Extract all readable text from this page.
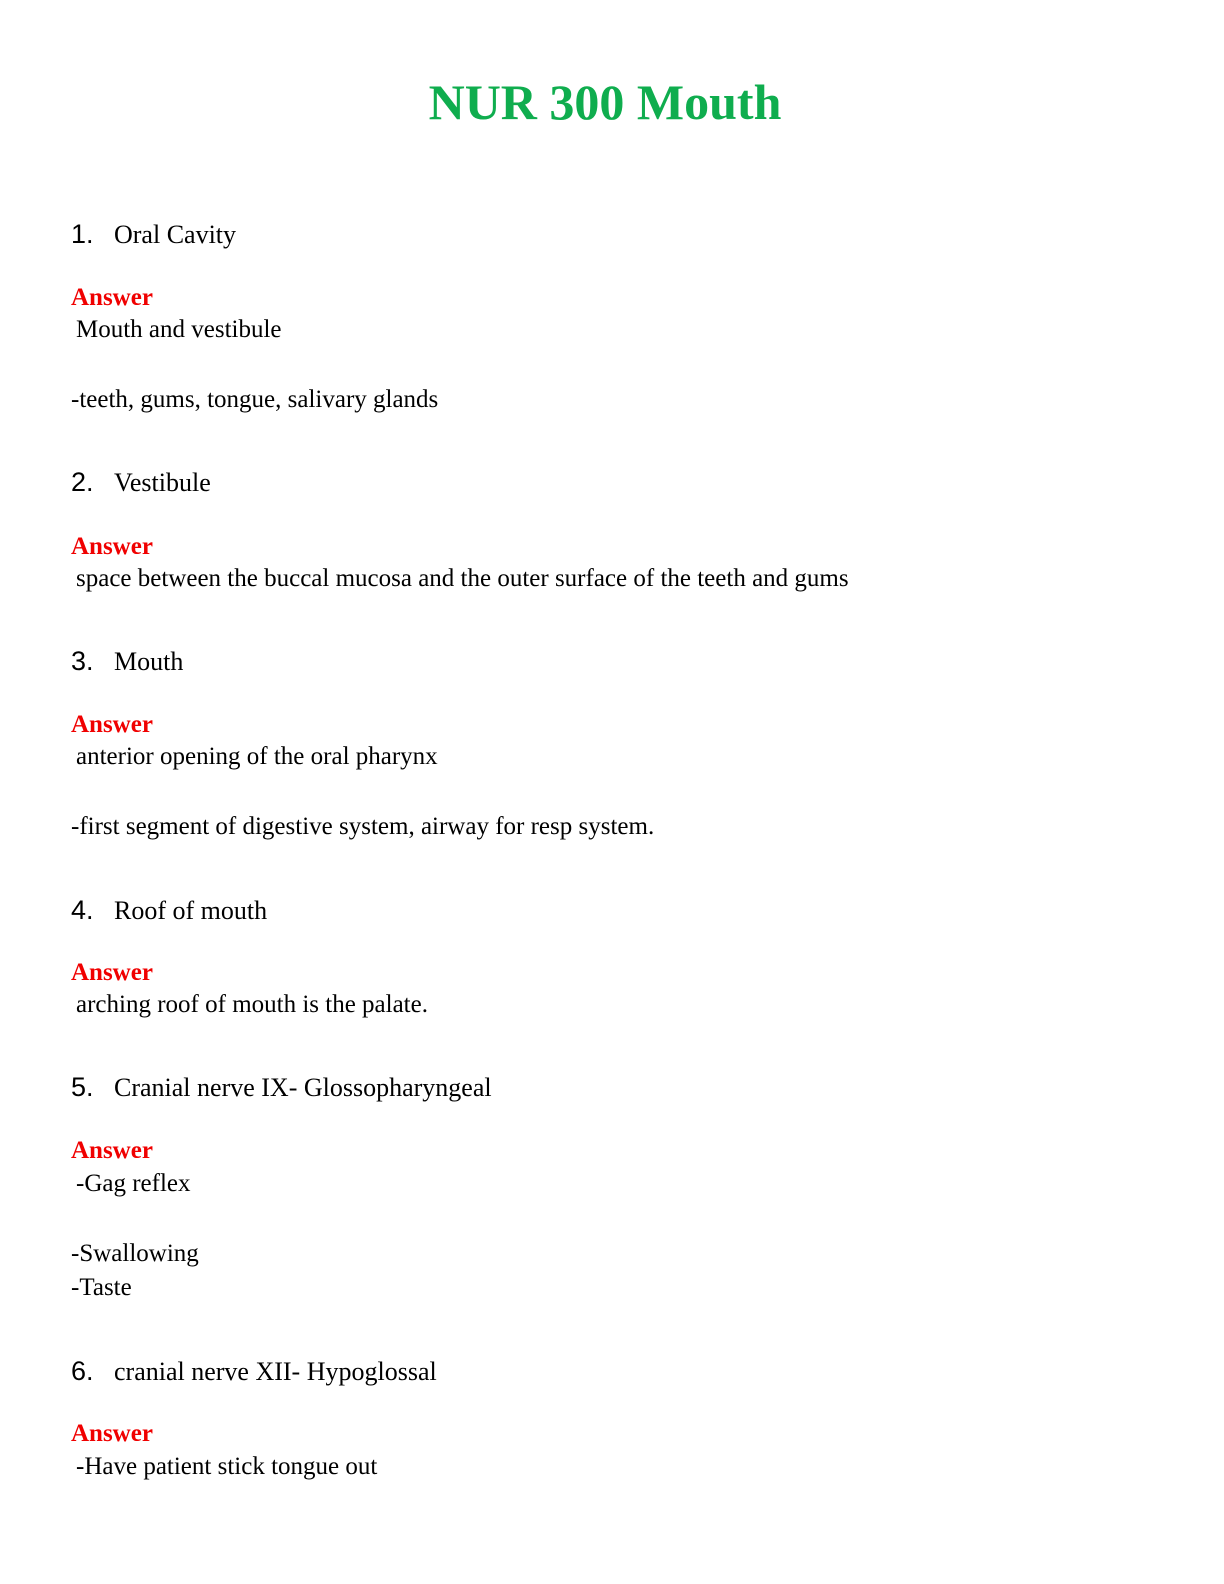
NUR 300 Mouth
1. Oral Cavity
Answer
Mouth and vestibule
-teeth, gums, tongue, salivary glands
2. Vestibule
Answer
space between the buccal mucosa and the outer surface of the teeth and gums
3. Mouth
Answer
anterior opening of the oral pharynx
-first segment of digestive system, airway for resp system.
4. Roof of mouth
Answer
arching roof of mouth is the palate.
5. Cranial nerve IX- Glossopharyngeal
Answer
-Gag reflex
-Swallowing
-Taste
6. cranial nerve XII- Hypoglossal
Answer
-Have patient stick tongue out
